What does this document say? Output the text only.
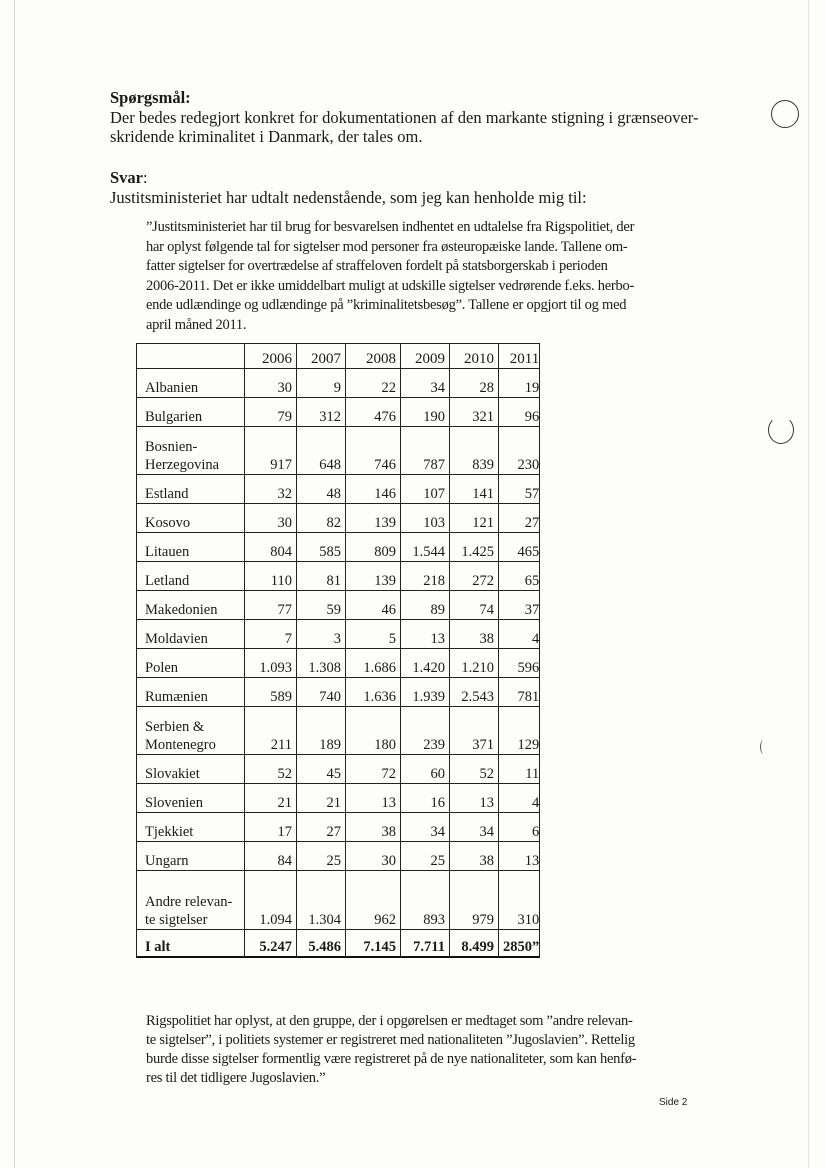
Spørgsmål:
Der bedes redegjort konkret for dokumentationen af den markante stigning i grænseover-
skridende kriminalitet i Danmark, der tales om.
Svar:
Justitsministeriet har udtalt nedenstående, som jeg kan henholde mig til:
”Justitsministeriet har til brug for besvarelsen indhentet en udtalelse fra Rigspolitiet, der
har oplyst følgende tal for sigtelser mod personer fra østeuropæiske lande. Tallene om-
fatter sigtelser for overtrædelse af straffeloven fordelt på statsborgerskab i perioden
2006-2011. Det er ikke umiddelbart muligt at udskille sigtelser vedrørende f.eks. herbo-
ende udlændinge og udlændinge på ”kriminalitetsbesøg”. Tallene er opgjort til og med
april måned 2011.
	2006	2007	2008	2009	2010	2011

Albanien	30	9	22	34	28	19

Bulgarien	79	312	476	190	321	96

Bosnien-
Herzegovina	917	648	746	787	839	230

Estland	32	48	146	107	141	57

Kosovo	30	82	139	103	121	27

Litauen	804	585	809	1.544	1.425	465

Letland	110	81	139	218	272	65

Makedonien	77	59	46	89	74	37

Moldavien	7	3	5	13	38	4

Polen	1.093	1.308	1.686	1.420	1.210	596

Rumænien	589	740	1.636	1.939	2.543	781

Serbien &
Montenegro	211	189	180	239	371	129

Slovakiet	52	45	72	60	52	11

Slovenien	21	21	13	16	13	4

Tjekkiet	17	27	38	34	34	6

Ungarn	84	25	30	25	38	13

Andre relevan-
te sigtelser	1.094	1.304	962	893	979	310
I alt	5.247	5.486	7.145	7.711	8.499	2850”
Rigspolitiet har oplyst, at den gruppe, der i opgørelsen er medtaget som ”andre relevan-
te sigtelser”, i politiets systemer er registreret med nationaliteten ”Jugoslavien”. Rettelig
burde disse sigtelser formentlig være registreret på de nye nationaliteter, som kan henfø-
res til det tidligere Jugoslavien.”
Side 2
